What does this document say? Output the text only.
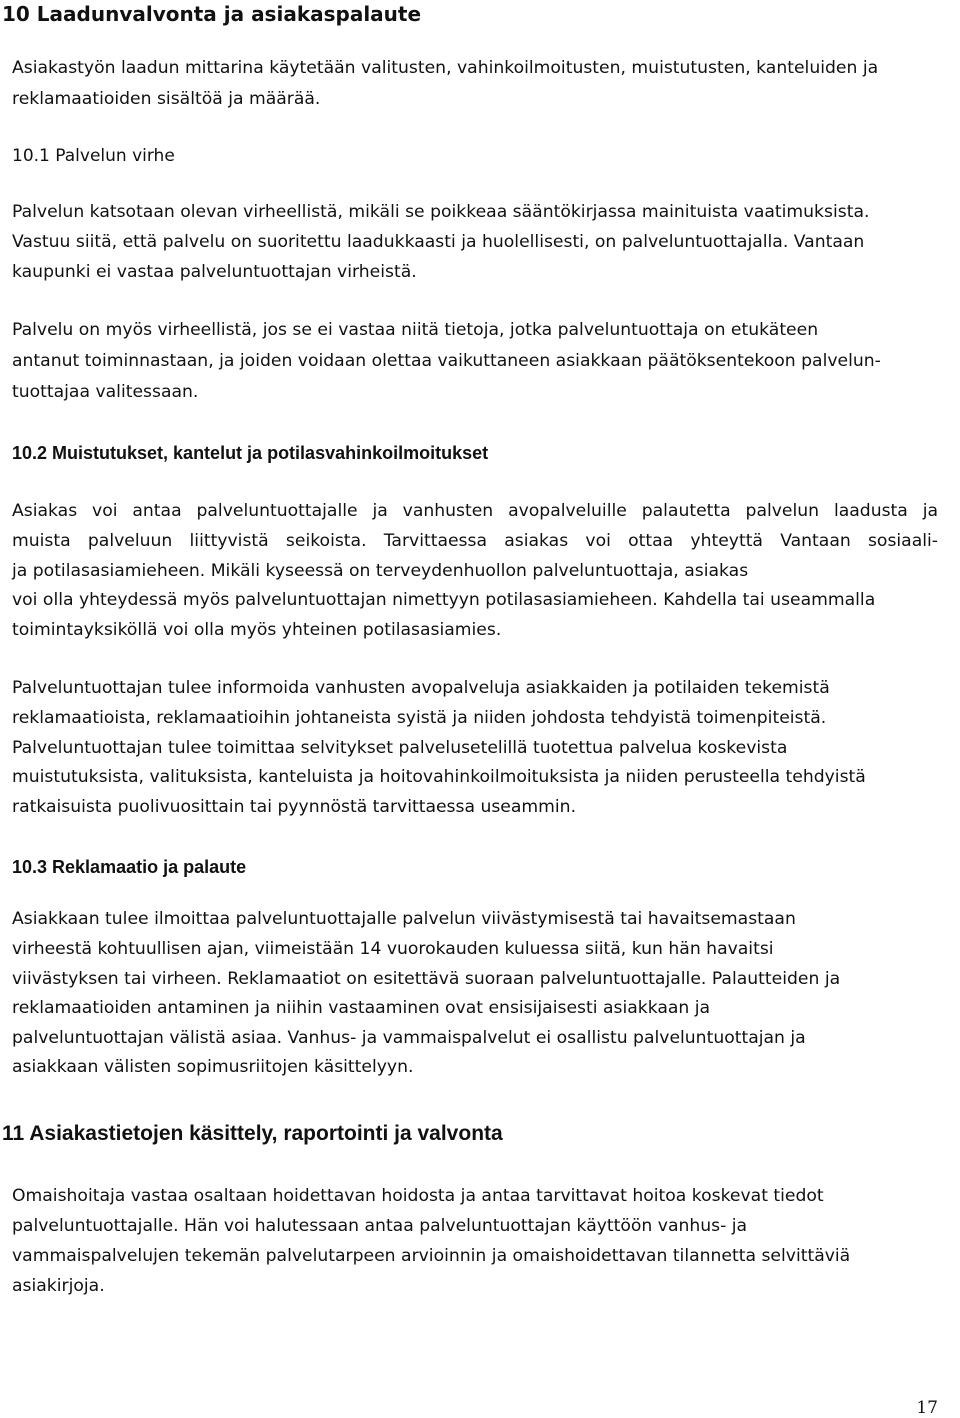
10 Laadunvalvonta ja asiakaspalaute
Asiakastyön laadun mittarina käytetään valitusten, vahinkoilmoitusten, muistutusten, kanteluiden ja
reklamaatioiden sisältöä ja määrää.
10.1 Palvelun virhe
Palvelun katsotaan olevan virheellistä, mikäli se poikkeaa sääntökirjassa mainituista vaatimuksista.
Vastuu siitä, että palvelu on suoritettu laadukkaasti ja huolellisesti, on palveluntuottajalla. Vantaan
kaupunki ei vastaa palveluntuottajan virheistä.
Palvelu on myös virheellistä, jos se ei vastaa niitä tietoja, jotka palveluntuottaja on etukäteen
antanut toiminnastaan, ja joiden voidaan olettaa vaikuttaneen asiakkaan päätöksentekoon palvelun-
tuottajaa valitessaan.
10.2 Muistutukset, kantelut ja potilasvahinkoilmoitukset
Asiakas voi antaa palveluntuottajalle ja vanhusten avopalveluille palautetta palvelun laadusta ja
muista palveluun liittyvistä seikoista. Tarvittaessa asiakas voi ottaa yhteyttä Vantaan sosiaali-
ja potilasasiamieheen. Mikäli kyseessä on terveydenhuollon palveluntuottaja, asiakas
voi olla yhteydessä myös palveluntuottajan nimettyyn potilasasiamieheen. Kahdella tai useammalla
toimintayksiköllä voi olla myös yhteinen potilasasiamies.
Palveluntuottajan tulee informoida vanhusten avopalveluja asiakkaiden ja potilaiden tekemistä
reklamaatioista, reklamaatioihin johtaneista syistä ja niiden johdosta tehdyistä toimenpiteistä.
Palveluntuottajan tulee toimittaa selvitykset palvelusetelillä tuotettua palvelua koskevista
muistutuksista, valituksista, kanteluista ja hoitovahinkoilmoituksista ja niiden perusteella tehdyistä
ratkaisuista puolivuosittain tai pyynnöstä tarvittaessa useammin.
10.3 Reklamaatio ja palaute
Asiakkaan tulee ilmoittaa palveluntuottajalle palvelun viivästymisestä tai havaitsemastaan
virheestä kohtuullisen ajan, viimeistään 14 vuorokauden kuluessa siitä, kun hän havaitsi
viivästyksen tai virheen. Reklamaatiot on esitettävä suoraan palveluntuottajalle. Palautteiden ja
reklamaatioiden antaminen ja niihin vastaaminen ovat ensisijaisesti asiakkaan ja
palveluntuottajan välistä asiaa. Vanhus- ja vammaispalvelut ei osallistu palveluntuottajan ja
asiakkaan välisten sopimusriitojen käsittelyyn.
11 Asiakastietojen käsittely, raportointi ja valvonta
Omaishoitaja vastaa osaltaan hoidettavan hoidosta ja antaa tarvittavat hoitoa koskevat tiedot
palveluntuottajalle. Hän voi halutessaan antaa palveluntuottajan käyttöön vanhus- ja
vammaispalvelujen tekemän palvelutarpeen arvioinnin ja omaishoidettavan tilannetta selvittäviä
asiakirjoja.
17
